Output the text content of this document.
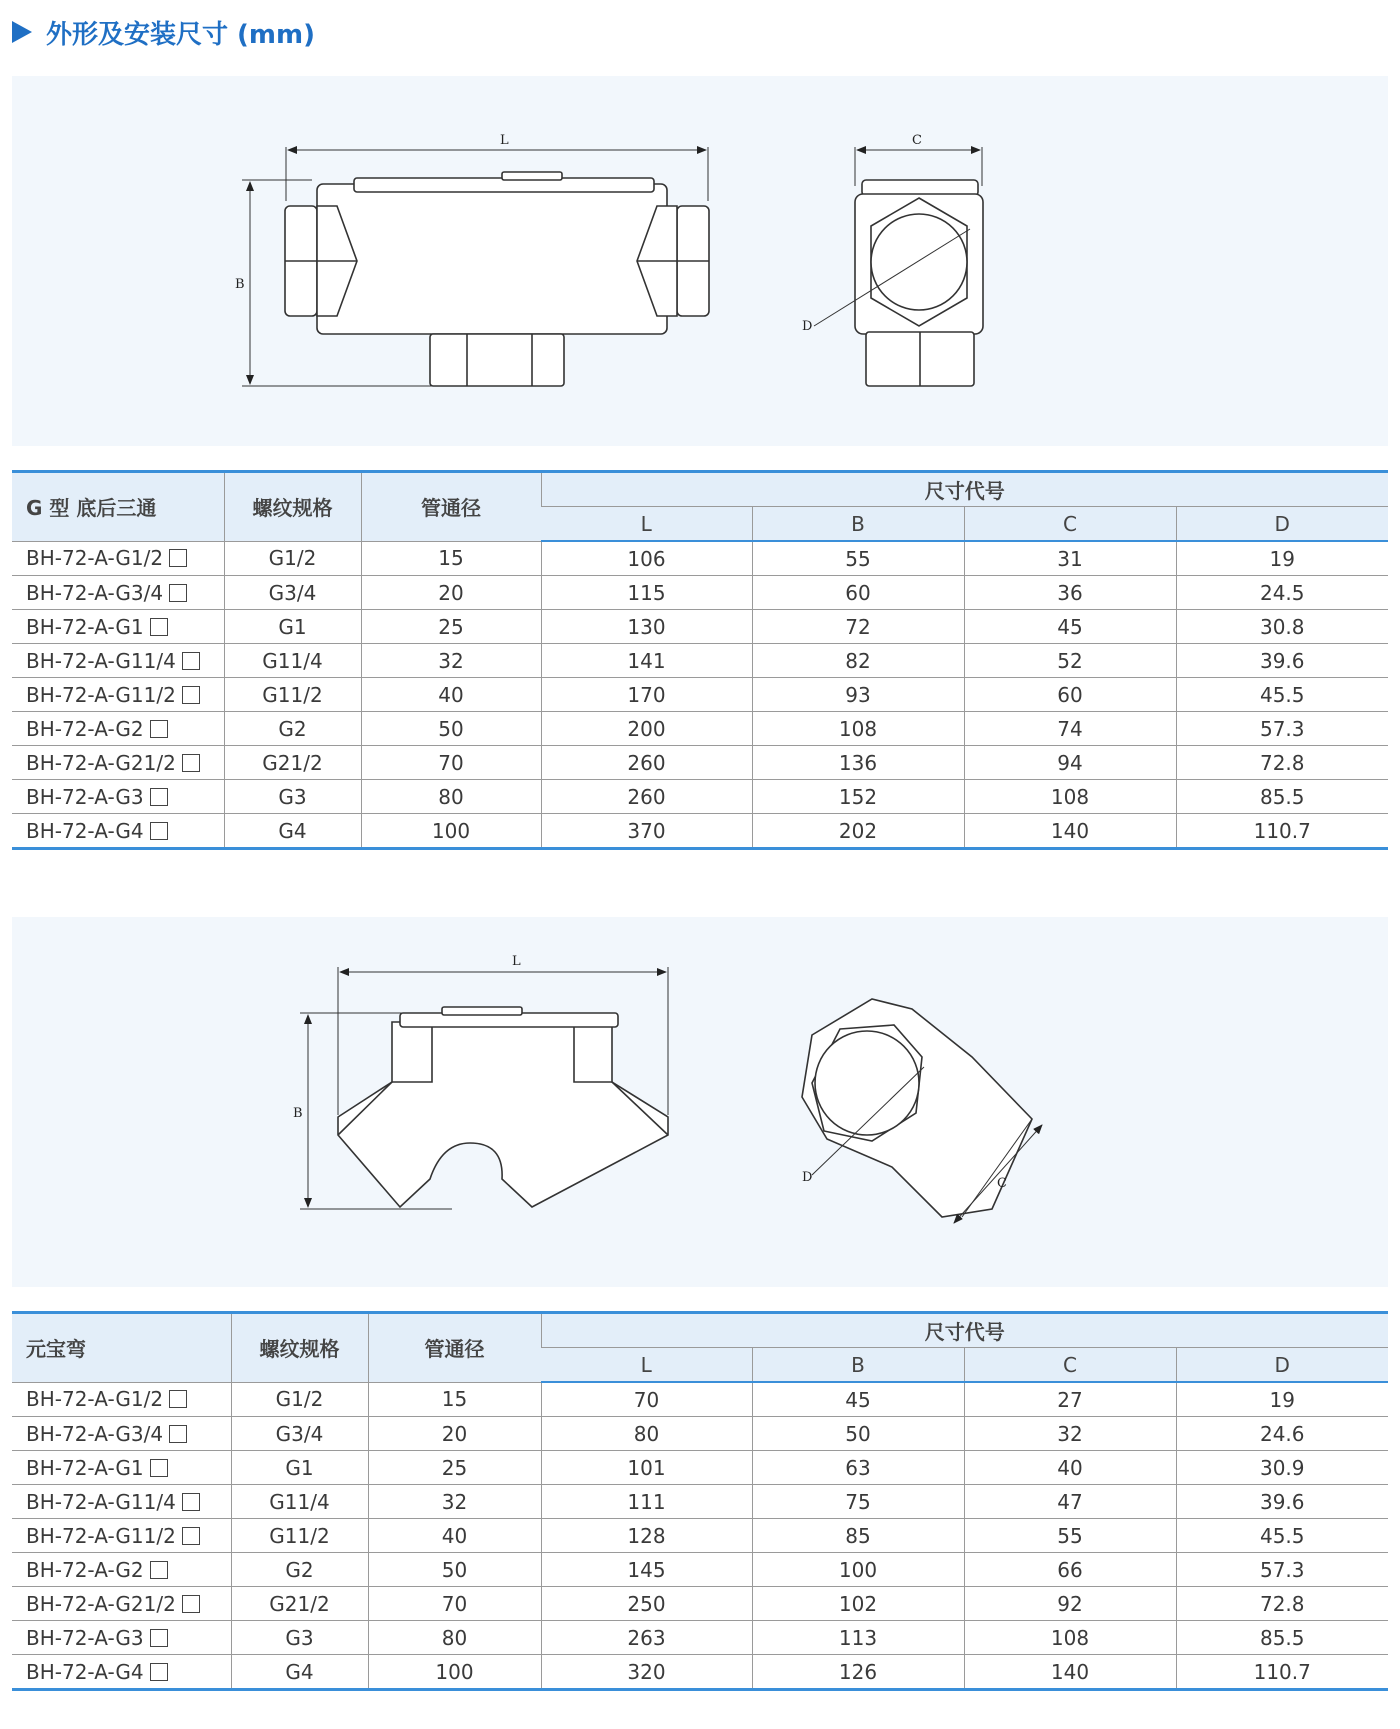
外形及安装尺寸 (mm)
L
B
C
D
G 型 底后三通	螺纹规格	管通径	尺寸代号			
			L	B	C	D
BH-72-A-G1/2	G1/2	15	106	55	31	19
BH-72-A-G3/4	G3/4	20	115	60	36	24.5
BH-72-A-G1	G1	25	130	72	45	30.8
BH-72-A-G11/4	G11/4	32	141	82	52	39.6
BH-72-A-G11/2	G11/2	40	170	93	60	45.5
BH-72-A-G2	G2	50	200	108	74	57.3
BH-72-A-G21/2	G21/2	70	260	136	94	72.8
BH-72-A-G3	G3	80	260	152	108	85.5
BH-72-A-G4	G4	100	370	202	140	110.7
L
B
C
D
元宝弯	螺纹规格	管通径	尺寸代号			
			L	B	C	D
BH-72-A-G1/2	G1/2	15	70	45	27	19
BH-72-A-G3/4	G3/4	20	80	50	32	24.6
BH-72-A-G1	G1	25	101	63	40	30.9
BH-72-A-G11/4	G11/4	32	111	75	47	39.6
BH-72-A-G11/2	G11/2	40	128	85	55	45.5
BH-72-A-G2	G2	50	145	100	66	57.3
BH-72-A-G21/2	G21/2	70	250	102	92	72.8
BH-72-A-G3	G3	80	263	113	108	85.5
BH-72-A-G4	G4	100	320	126	140	110.7
